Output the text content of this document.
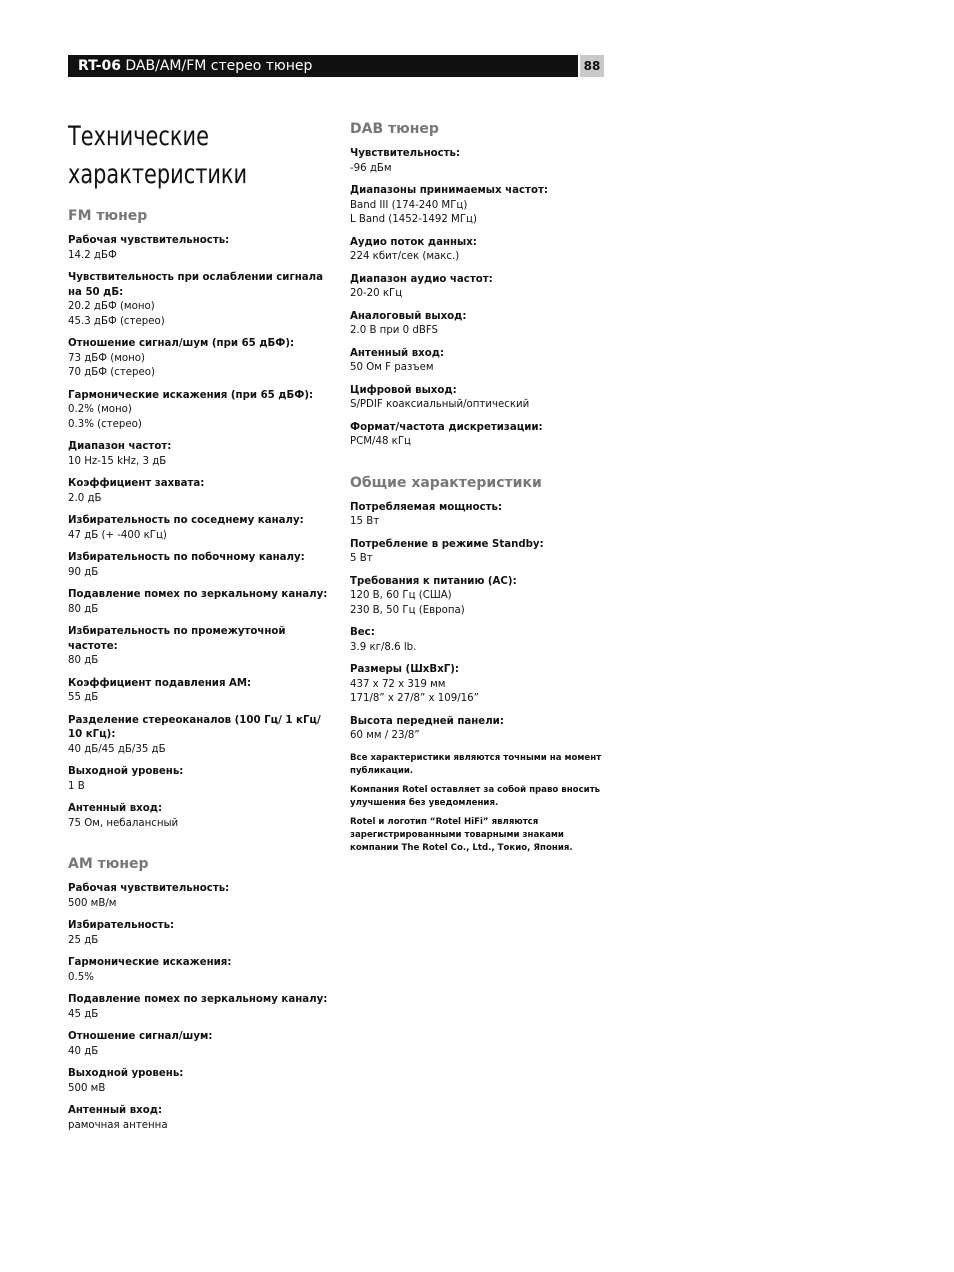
RT-06 DAB/AM/FM стерео тюнер	88
Технические характеристики
FM тюнер
Рабочая чувствительность:
14.2 дБФ
Чувствительность при ослаблении сигнала на 50 дБ:
20.2 дБФ (моно)
45.3 дБФ (стерео)
Отношение сигнал/шум (при 65 дБФ):
73 дБФ (моно)
70 дБФ (стерео)
Гармонические искажения (при 65 дБФ):
0.2% (моно)
0.3% (стерео)
Диапазон частот:
10 Hz-15 kHz, 3 дБ
Коэффициент захвата:
2.0 дБ
Избирательность по соседнему каналу:
47 дБ (+ -400 кГц)
Избирательность по побочному каналу:
90 дБ
Подавление помех по зеркальному каналу:
80 дБ
Избирательность по промежуточной частоте:
80 дБ
Коэффициент подавления AM:
55 дБ
Разделение стереоканалов (100 Гц/ 1 кГц/ 10 кГц):
40 дБ/45 дБ/35 дБ
Выходной уровень:
1 В
Антенный вход:
75 Ом, небалансный
AM тюнер
Рабочая чувствительность:
500 мВ/м
Избирательность:
25 дБ
Гармонические искажения:
0.5%
Подавление помех по зеркальному каналу:
45 дБ
Отношение сигнал/шум:
40 дБ
Выходной уровень:
500 мВ
Антенный вход:
рамочная антенна
DAB тюнер
Чувствительность:
-96 дБм
Диапазоны принимаемых частот:
Band III (174-240 МГц)
L Band (1452-1492 МГц)
Аудио поток данных:
224 кбит/сек (макс.)
Диапазон аудио частот:
20-20 кГц
Аналоговый выход:
2.0 В при 0 dBFS
Антенный вход:
50 Ом F разъем
Цифровой выход:
S/PDIF коаксиальный/оптический
Формат/частота дискретизации:
PCM/48 кГц
Общие характеристики
Потребляемая мощность:
15 Вт
Потребление в режиме Standby:
5 Вт
Требования к питанию (AC):
120 В, 60 Гц (США)
230 В, 50 Гц (Европа)
Вес:
3.9 кг/8.6 lb.
Размеры (ШхВхГ):
437 x 72 x 319 мм
171/8” x 27/8” x 109/16”
Высота передней панели:
60 мм / 23/8”
Все характеристики являются точными на момент публикации.
Компания Rotel оставляет за собой право вносить улучшения без уведомления.
Rotel и логотип “Rotel HiFi” являются зарегистрированными товарными знаками компании The Rotel Co., Ltd., Токио, Япония.
